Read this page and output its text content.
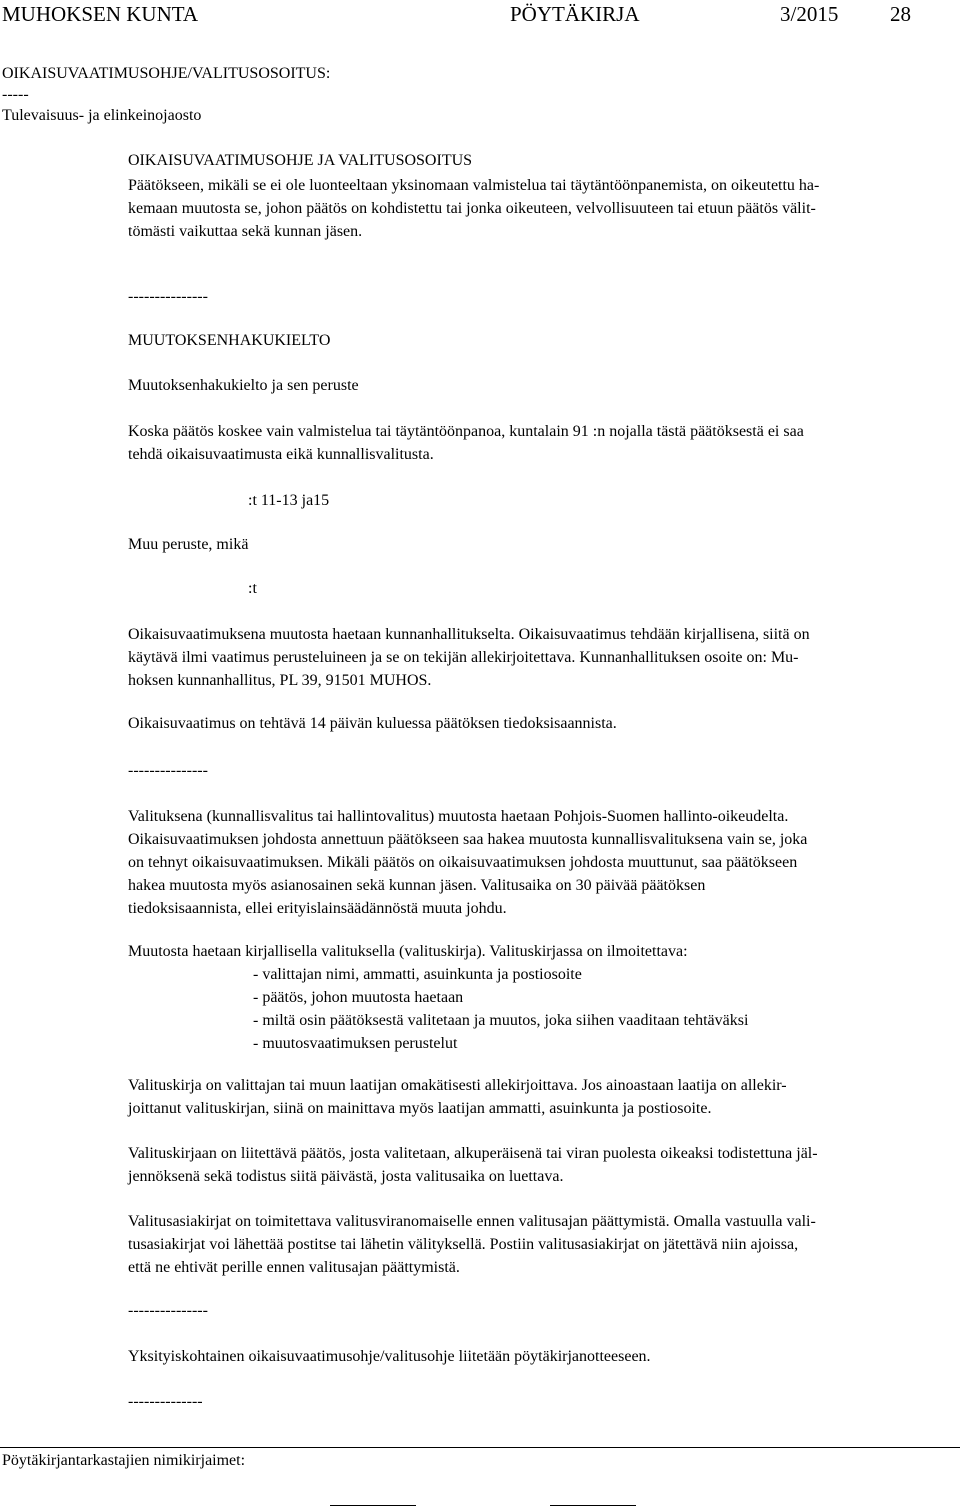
MUHOKSEN KUNTA	PÖYTÄKIRJA	3/2015 28
OIKAISUVAATIMUSOHJE/VALITUSOSOITUS:
-----
Tulevaisuus- ja elinkeinojaosto
OIKAISUVAATIMUSOHJE JA VALITUSOSOITUS
Päätökseen, mikäli se ei ole luonteeltaan yksinomaan valmistelua tai täytäntöönpanemista, on oikeutettu ha-
kemaan muutosta se, johon päätös on kohdistettu tai jonka oikeuteen, velvollisuuteen tai etuun päätös välit-
tömästi vaikuttaa sekä kunnan jäsen.
---------------
MUUTOKSENHAKUKIELTO
Muutoksenhakukielto ja sen peruste
Koska päätös koskee vain valmistelua tai täytäntöönpanoa, kuntalain 91 :n nojalla tästä päätöksestä ei saa
tehdä oikaisuvaatimusta eikä kunnallisvalitusta.
:t 11-13 ja15
Muu peruste, mikä
:t
Oikaisuvaatimuksena muutosta haetaan kunnanhallitukselta. Oikaisuvaatimus tehdään kirjallisena, siitä on
käytävä ilmi vaatimus perusteluineen ja se on tekijän allekirjoitettava. Kunnanhallituksen osoite on: Mu-
hoksen kunnanhallitus, PL 39, 91501 MUHOS.
Oikaisuvaatimus on tehtävä 14 päivän kuluessa päätöksen tiedoksisaannista.
---------------
Valituksena (kunnallisvalitus tai hallintovalitus) muutosta haetaan Pohjois-Suomen hallinto-oikeudelta.
Oikaisuvaatimuksen johdosta annettuun päätökseen saa hakea muutosta kunnallisvalituksena vain se, joka
on tehnyt oikaisuvaatimuksen. Mikäli päätös on oikaisuvaatimuksen johdosta muuttunut, saa päätökseen
hakea muutosta myös asianosainen sekä kunnan jäsen. Valitusaika on 30 päivää päätöksen
tiedoksisaannista, ellei erityislainsäädännöstä muuta johdu.
Muutosta haetaan kirjallisella valituksella (valituskirja). Valituskirjassa on ilmoitettava:
- valittajan nimi, ammatti, asuinkunta ja postiosoite
- päätös, johon muutosta haetaan
- miltä osin päätöksestä valitetaan ja muutos, joka siihen vaaditaan tehtäväksi
- muutosvaatimuksen perustelut
Valituskirja on valittajan tai muun laatijan omakätisesti allekirjoittava. Jos ainoastaan laatija on allekir-
joittanut valituskirjan, siinä on mainittava myös laatijan ammatti, asuinkunta ja postiosoite.
Valituskirjaan on liitettävä päätös, josta valitetaan, alkuperäisenä tai viran puolesta oikeaksi todistettuna jäl-
jennöksenä sekä todistus siitä päivästä, josta valitusaika on luettava.
Valitusasiakirjat on toimitettava valitusviranomaiselle ennen valitusajan päättymistä. Omalla vastuulla vali-
tusasiakirjat voi lähettää postitse tai lähetin välityksellä. Postiin valitusasiakirjat on jätettävä niin ajoissa,
että ne ehtivät perille ennen valitusajan päättymistä.
---------------
Yksityiskohtainen oikaisuvaatimusohje/valitusohje liitetään pöytäkirjanotteeseen.
--------------
Pöytäkirjantarkastajien nimikirjaimet:
